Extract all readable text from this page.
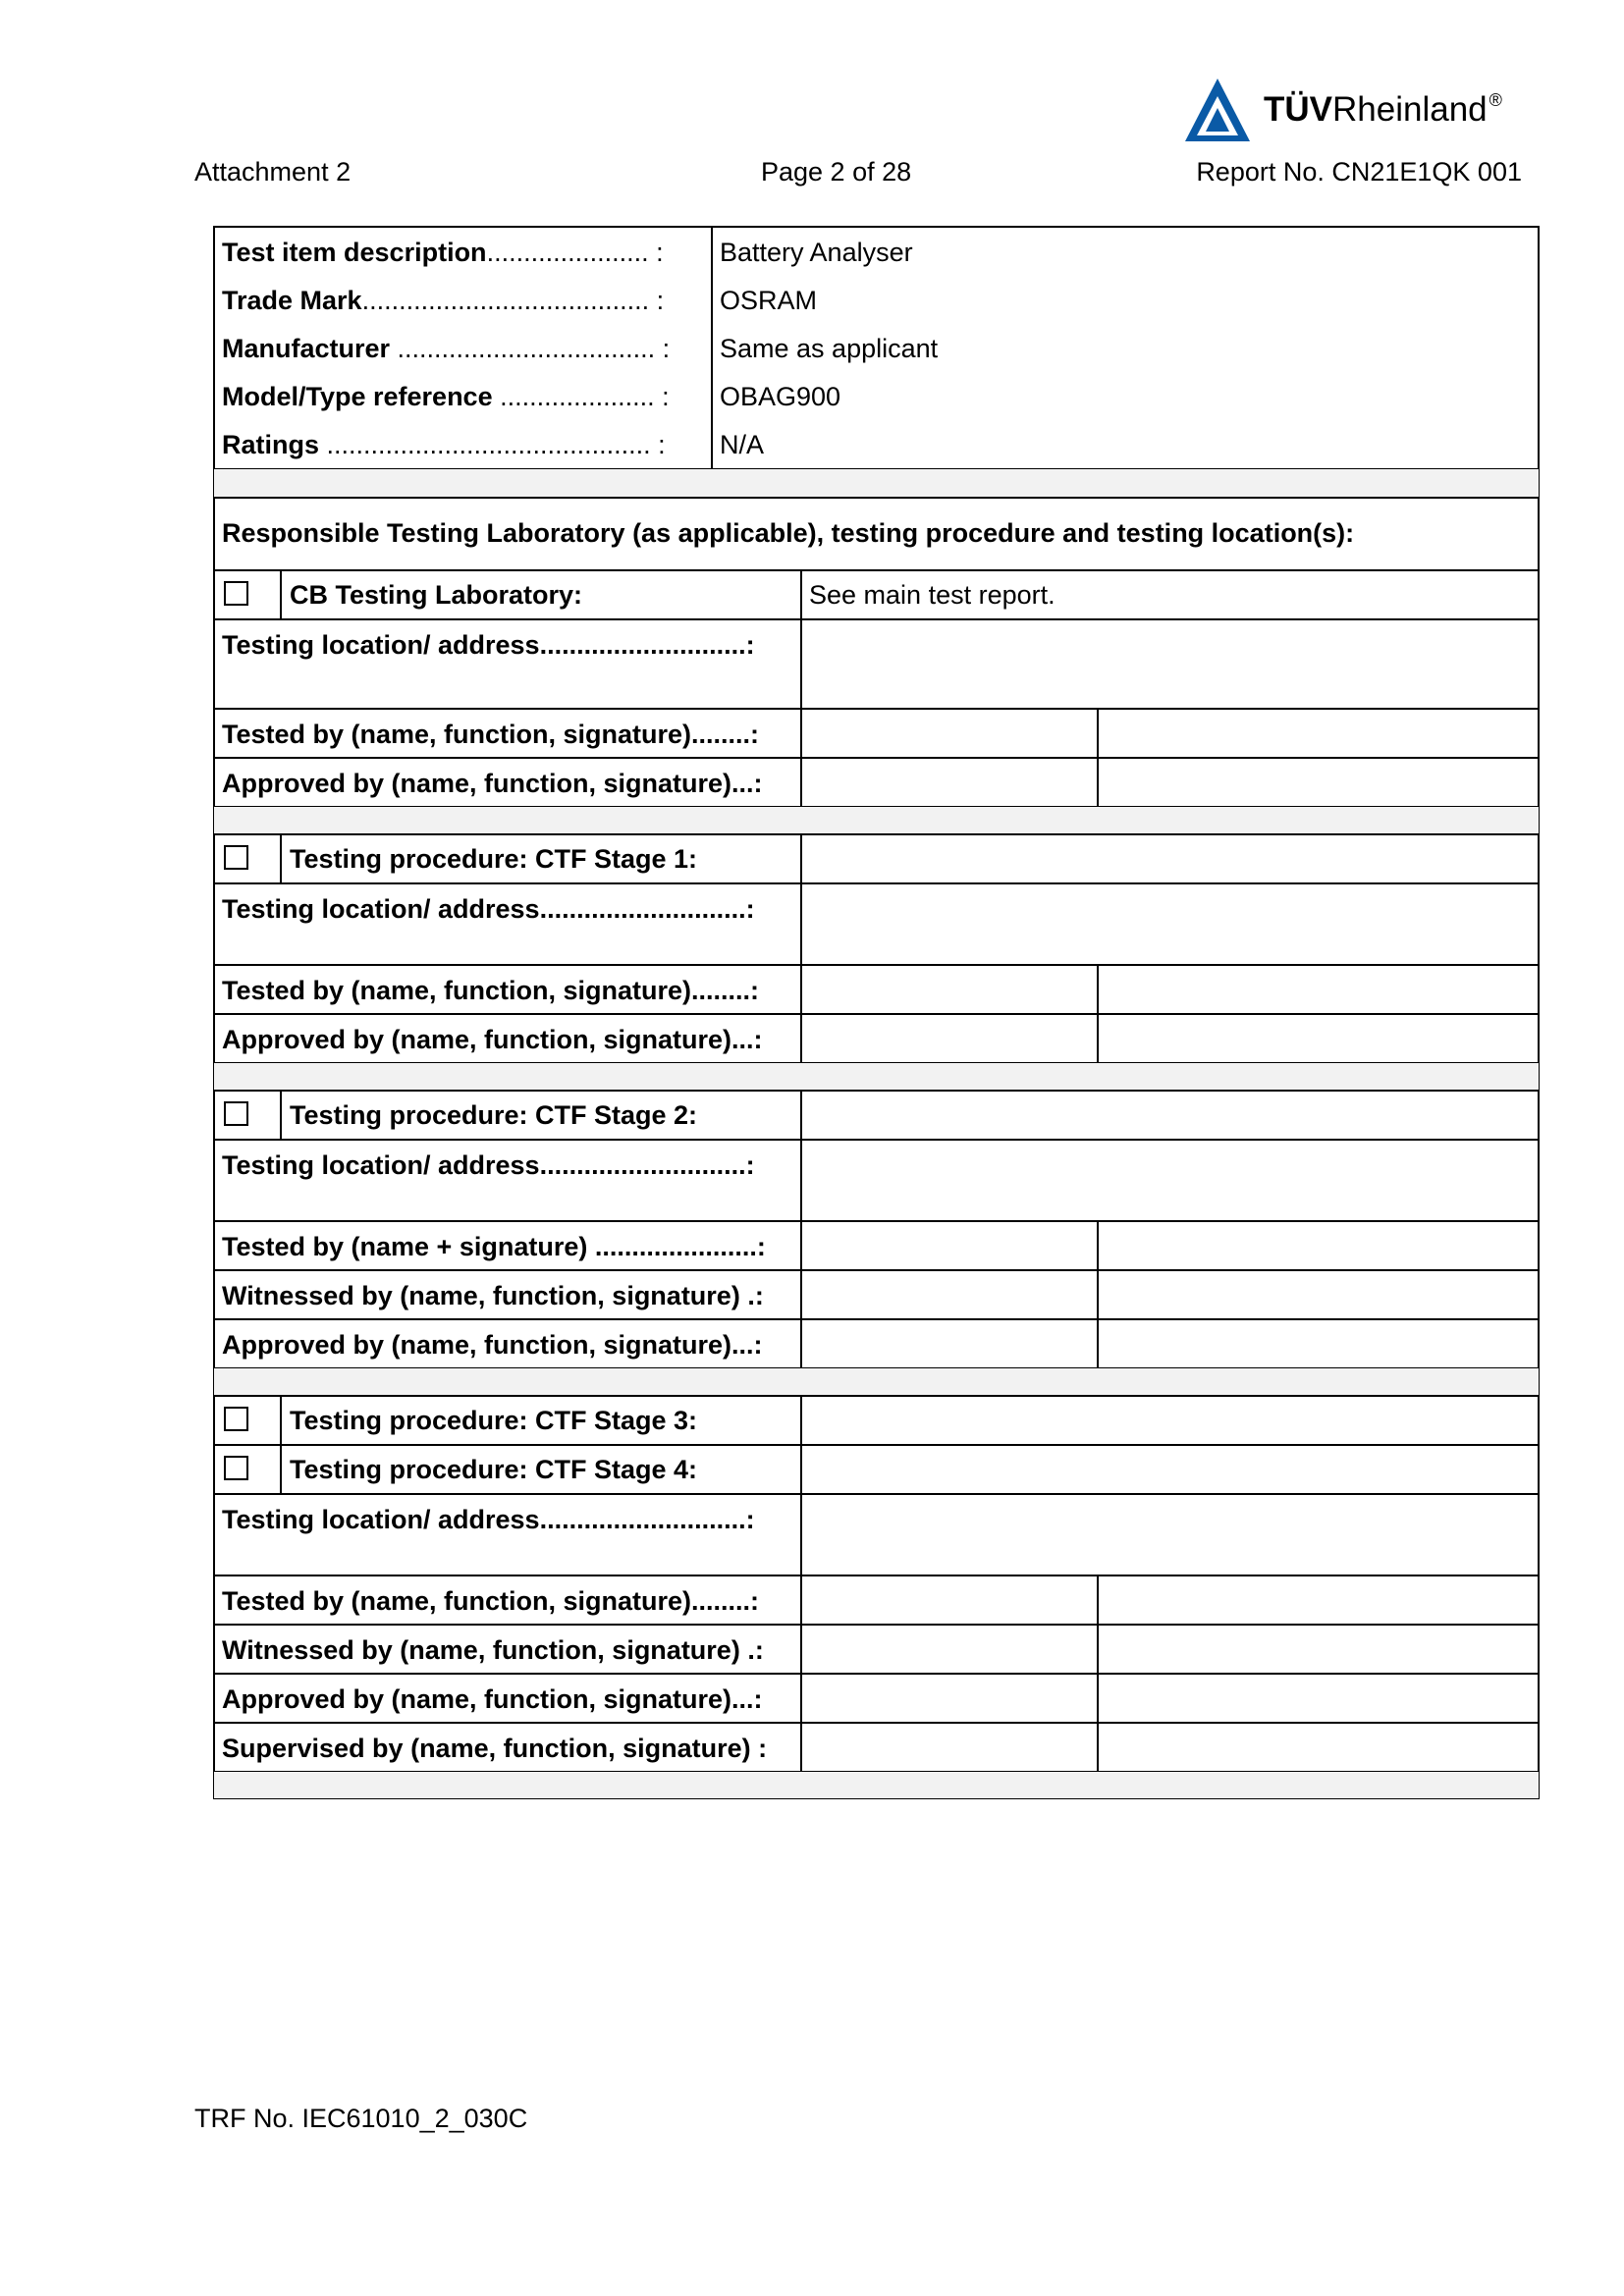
TÜVRheinland ®
Attachment 2	Page 2 of 28	Report No. CN21E1QK 001
Test item description...................... : Battery Analyser
Trade Mark....................................... : OSRAM
Manufacturer ................................... : Same as applicant
Model/Type reference ..................... : OBAG900
Ratings ............................................ : N/A
Responsible Testing Laboratory (as applicable), testing procedure and testing location(s):
CB Testing Laboratory:	See main test report.
Testing location/ address............................:
Tested by (name, function, signature)........:
Approved by (name, function, signature)...:
Testing procedure: CTF Stage 1:
Testing location/ address............................:
Tested by (name, function, signature)........:
Approved by (name, function, signature)...:
Testing procedure: CTF Stage 2:
Testing location/ address............................:
Tested by (name + signature) ......................:
Witnessed by (name, function, signature) .:
Approved by (name, function, signature)...:
Testing procedure: CTF Stage 3:
Testing procedure: CTF Stage 4:
Testing location/ address............................:
Tested by (name, function, signature)........:
Witnessed by (name, function, signature) .:
Approved by (name, function, signature)...:
Supervised by (name, function, signature) :
TRF No. IEC61010_2_030C
